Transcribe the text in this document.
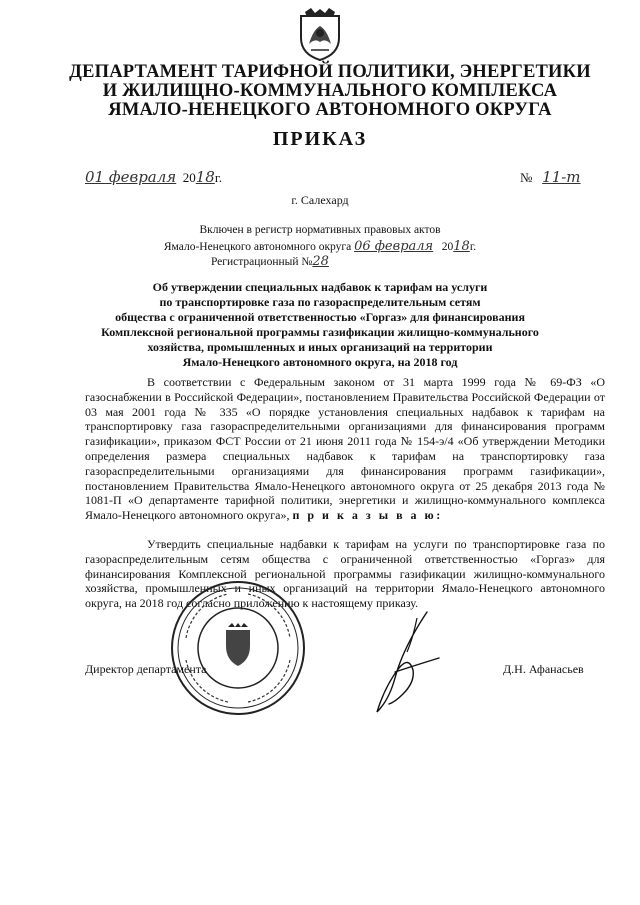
ДЕПАРТАМЕНТ ТАРИФНОЙ ПОЛИТИКИ, ЭНЕРГЕТИКИ
И ЖИЛИЩНО-КОММУНАЛЬНОГО КОМПЛЕКСА
ЯМАЛО-НЕНЕЦКОГО АВТОНОМНОГО ОКРУГА
ПРИКАЗ
01 февраля 2018г.	№ 11-т
г. Салехард
Включен в регистр нормативных правовых актов
Ямало-Ненецкого автономного округа 06 февраля 2018г.
Регистрационный №28
Об утверждении специальных надбавок к тарифам на услуги
по транспортировке газа по газораспределительным сетям
общества с ограниченной ответственностью «Горгаз» для финансирования
Комплексной региональной программы газификации жилищно-коммунального
хозяйства, промышленных и иных организаций на территории
Ямало-Ненецкого автономного округа, на 2018 год
В соответствии с Федеральным законом от 31 марта 1999 года № 69-ФЗ «О газоснабжении в Российской Федерации», постановлением Правительства Российской Федерации от 03 мая 2001 года № 335 «О порядке установления специальных надбавок к тарифам на транспортировку газа газораспределительными организациями для финансирования программ газификации», приказом ФСТ России от 21 июня 2011 года № 154-э/4 «Об утверждении Методики определения размера специальных надбавок к тарифам на транспортировку газа газораспределительными организациями для финансирования программ газификации», постановлением Правительства Ямало-Ненецкого автономного округа от 25 декабря 2013 года № 1081-П «О департаменте тарифной политики, энергетики и жилищно-коммунального комплекса Ямало-Ненецкого автономного округа», п р и к а з ы в а ю:
Утвердить специальные надбавки к тарифам на услуги по транспортировке газа по газораспределительным сетям общества с ограниченной ответственностью «Горгаз» для финансирования Комплексной региональной программы газификации жилищно-коммунального хозяйства, промышленных и иных организаций на территории Ямало-Ненецкого автономного округа, на 2018 год согласно приложению к настоящему приказу.
Директор департамента	Д.Н. Афанасьев
